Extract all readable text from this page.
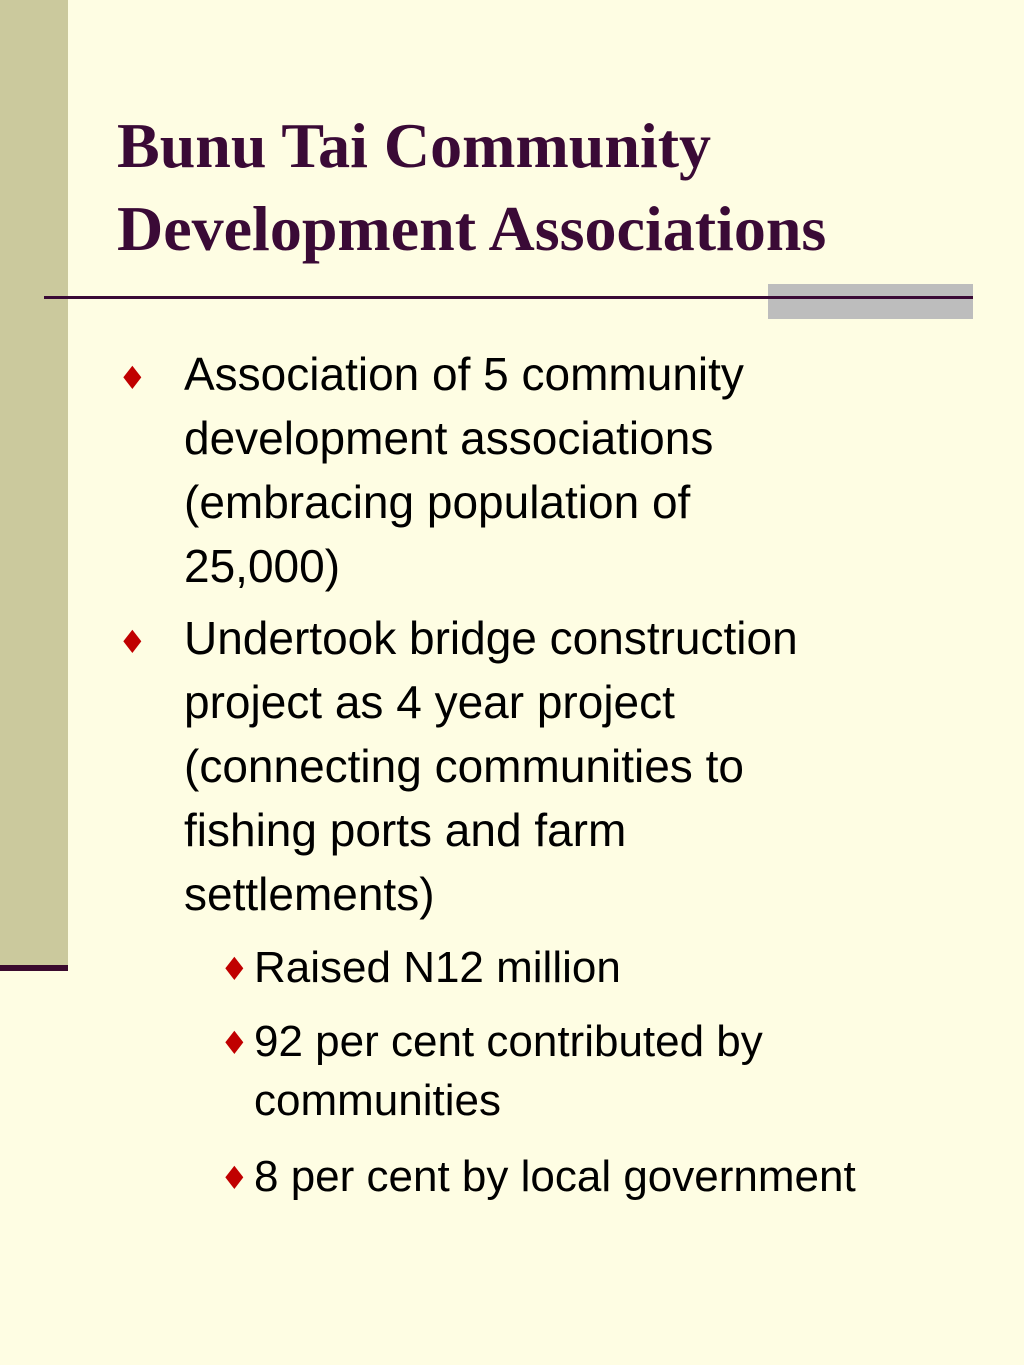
Bunu Tai Community
Development Associations
♦ Association of 5 community
development associations
(embracing population of
25,000)
♦ Undertook bridge construction
project as 4 year project
(connecting communities to
fishing ports and farm
settlements)
♦ Raised N12 million
♦ 92 per cent contributed by
communities
♦ 8 per cent by local government
